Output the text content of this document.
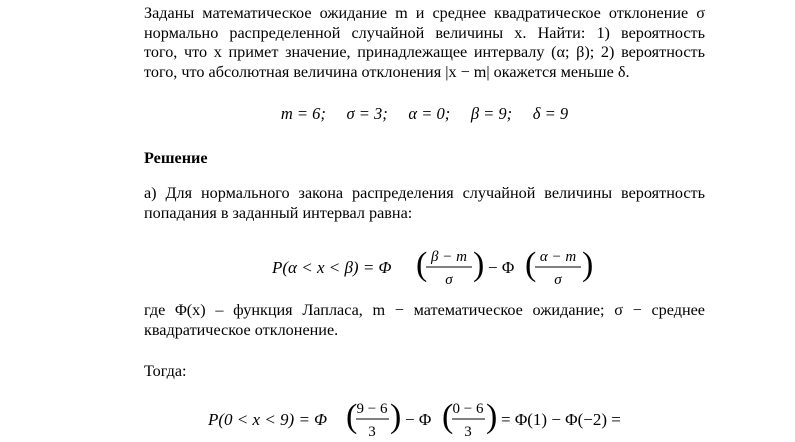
Заданы математическое ожидание m и среднее квадратическое отклонение σ
нормально распределенной случайной величины x. Найти: 1) вероятность
того, что x примет значение, принадлежащее интервалу (α; β); 2) вероятность
того, что абсолютная величина отклонения |x − m| окажется меньше δ.

m = 6;     σ = 3;     α = 0;     β = 9;     δ = 9
Решение

а) Для нормального закона распределения случайной величины вероятность
попадания в заданный интервал равна:

P(α < x < β) = Φ ( β − m
σ ) − Φ ( α − m
σ )

где Φ(x) – функция Лапласа, m − математическое ожидание; σ − среднее
квадратическое отклонение.

Тогда:
P(0 < x < 9) = Φ ( 9 − 6
3 ) − Φ ( 0 − 6
3 ) = Φ(1) − Φ(−2) =
